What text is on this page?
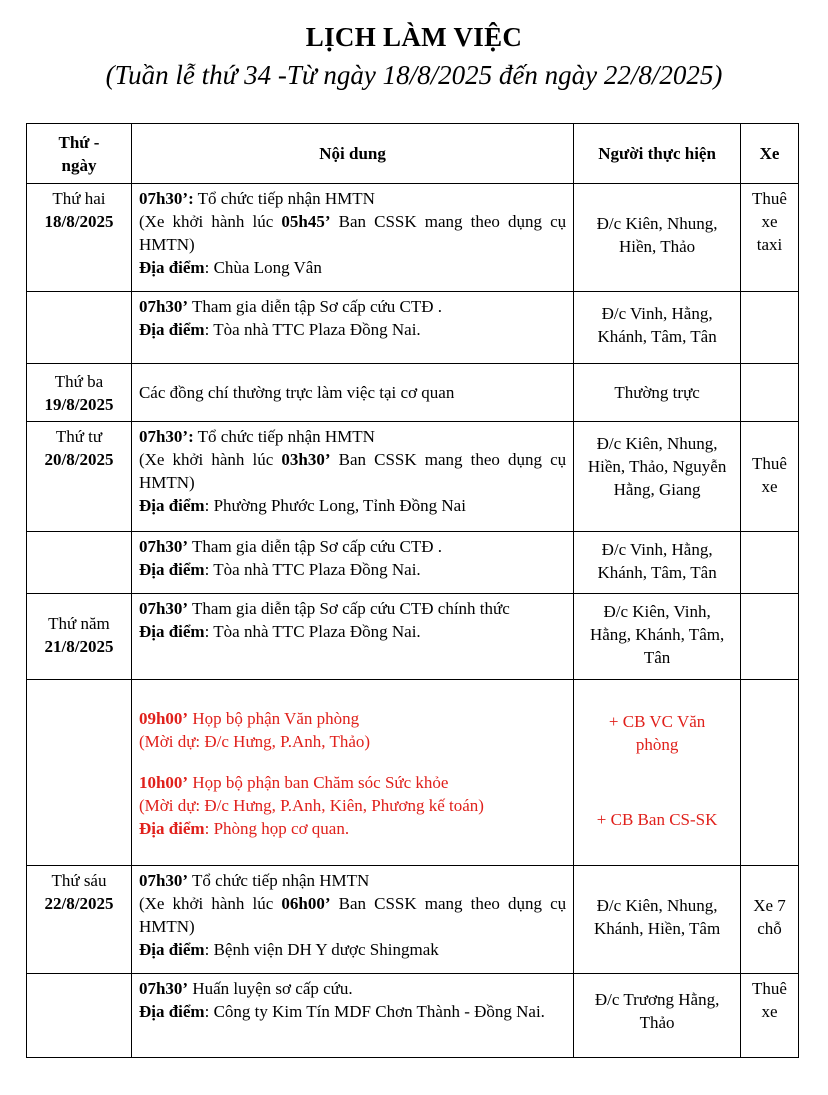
LỊCH LÀM VIỆC
(Tuần lễ thứ 34 -Từ ngày 18/8/2025 đến ngày 22/8/2025)
Thứ - ngày	Nội dung	Người thực hiện	Xe

Thứ hai
18/8/2025	07h30’: Tổ chức tiếp nhận HMTN
(Xe khởi hành lúc 05h45’ Ban CSSK mang theo dụng cụ HMTN)
Địa điểm: Chùa Long Vân	Đ/c Kiên, Nhung, Hiền, Thảo	Thuê xe taxi

	07h30’ Tham gia diễn tập Sơ cấp cứu CTĐ .
Địa điểm: Tòa nhà TTC Plaza Đồng Nai.	Đ/c Vinh, Hằng, Khánh, Tâm, Tân	

Thứ ba
19/8/2025	Các đồng chí thường trực làm việc tại cơ quan	Thường trực	

Thứ tư
20/8/2025	07h30’: Tổ chức tiếp nhận HMTN
(Xe khởi hành lúc 03h30’ Ban CSSK mang theo dụng cụ HMTN)
Địa điểm: Phường Phước Long, Tỉnh Đồng Nai	Đ/c Kiên, Nhung, Hiền, Thảo, Nguyễn Hằng, Giang	Thuê xe

	07h30’ Tham gia diễn tập Sơ cấp cứu CTĐ .
Địa điểm: Tòa nhà TTC Plaza Đồng Nai.	Đ/c Vinh, Hằng, Khánh, Tâm, Tân	

Thứ năm
21/8/2025	07h30’ Tham gia diễn tập Sơ cấp cứu CTĐ chính thức
Địa điểm: Tòa nhà TTC Plaza Đồng Nai.	Đ/c Kiên, Vinh, Hằng, Khánh, Tâm, Tân	

	09h00’ Họp bộ phận Văn phòng
(Mời dự: Đ/c Hưng, P.Anh, Thảo)
10h00’ Họp bộ phận ban Chăm sóc Sức khỏe
(Mời dự: Đ/c Hưng, P.Anh, Kiên, Phương kế toán)
Địa điểm: Phòng họp cơ quan.	+ CB VC Văn phòng
+ CB Ban CS-SK	

Thứ sáu
22/8/2025	07h30’ Tổ chức tiếp nhận HMTN
(Xe khởi hành lúc 06h00’ Ban CSSK mang theo dụng cụ HMTN)
Địa điểm: Bệnh viện DH Y dược Shingmak	Đ/c Kiên, Nhung, Khánh, Hiền, Tâm	Xe 7 chỗ

	07h30’ Huấn luyện sơ cấp cứu.
Địa điểm: Công ty Kim Tín MDF Chơn Thành - Đồng Nai.	Đ/c Trương Hằng, Thảo	Thuê xe
